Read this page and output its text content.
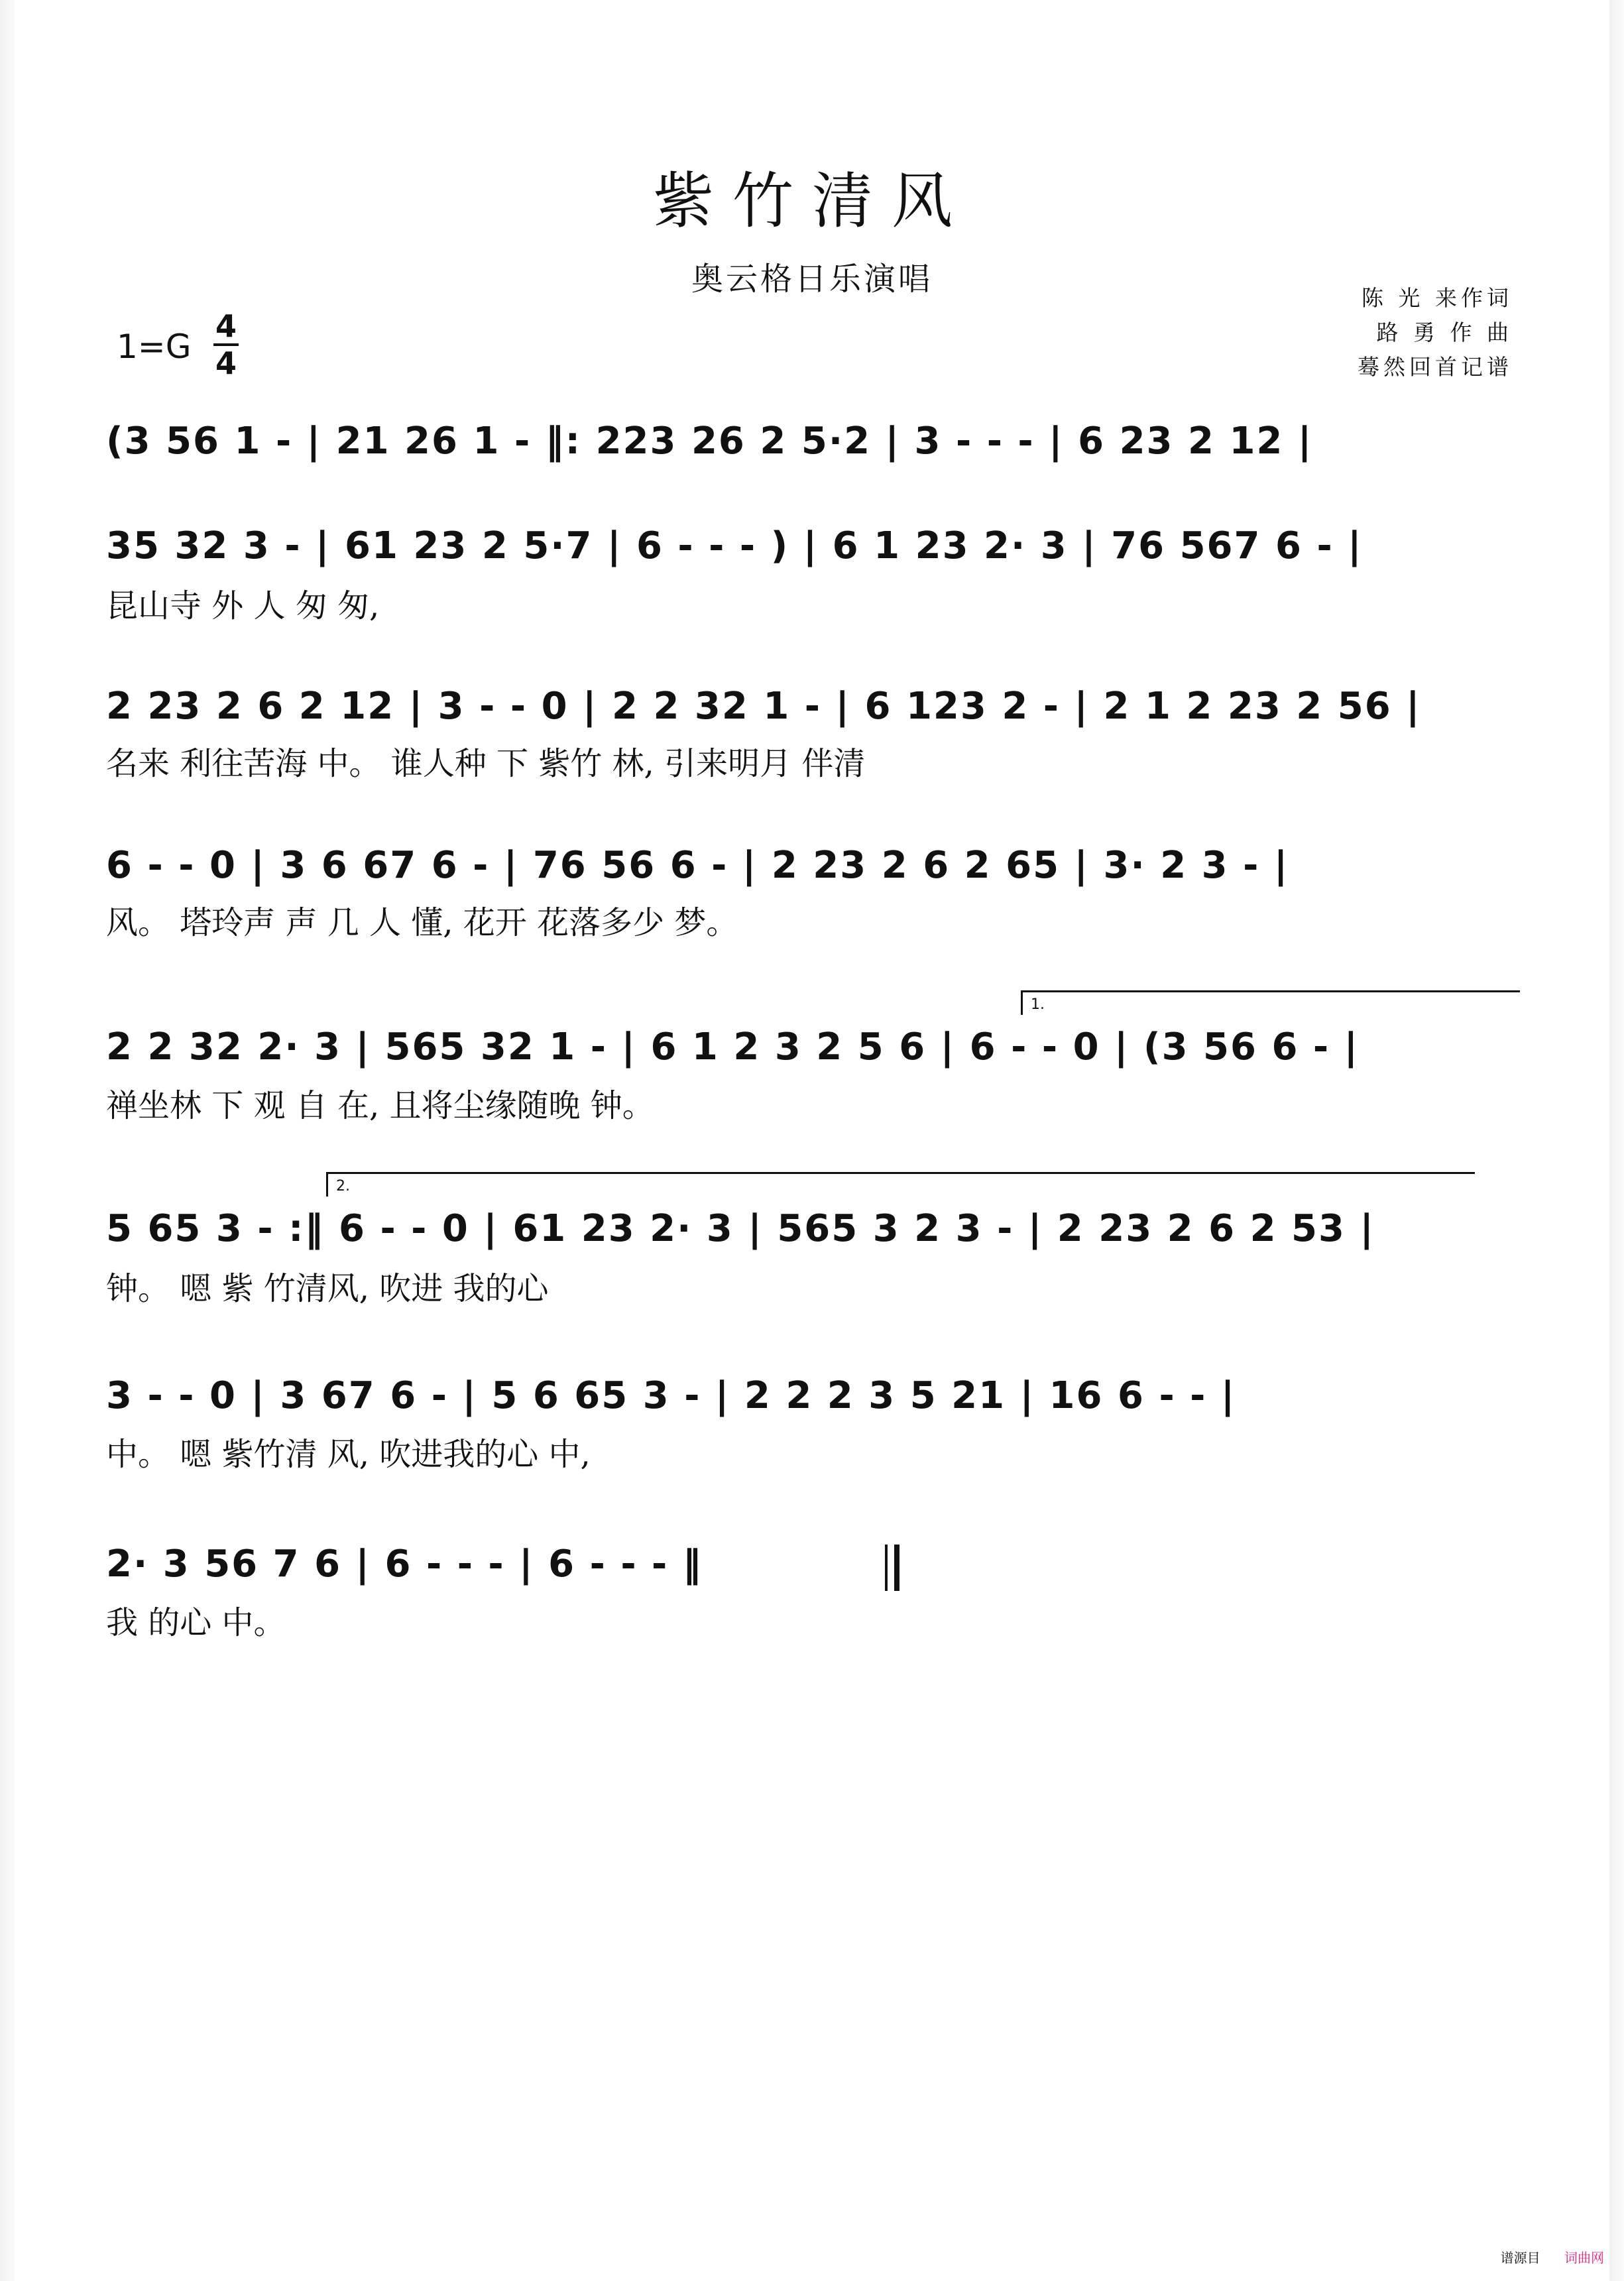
紫竹清风
奥云格日乐演唱
陈 光 来作词
路 勇 作 曲
蓦然回首记谱
1=G
4
4
(3 56 1 - | 21 26 1 - ‖: 223 26 2 5·2 | 3 - - - | 6 23 2 12 |
35 32 3 - | 61 23 2 5·7 | 6 - - - ) | 6 1 23 2· 3 | 76 567 6 - |
昆山寺 外 人 匆 匆,
2 23 2 6 2 12 | 3 - - 0 | 2 2 32 1 - | 6 123 2 - | 2 1 2 23 2 56 |
名来 利往苦海 中。 谁人种 下 紫竹 林, 引来明月 伴清
6 - - 0 | 3 6 67 6 - | 76 56 6 - | 2 23 2 6 2 65 | 3· 2 3 - |
风。 塔玲声 声 几 人 懂, 花开 花落多少 梦。
1.
2 2 32 2· 3 | 565 32 1 - | 6 1 2 3 2 5 6 | 6 - - 0 | (3 56 6 - |
禅坐林 下 观 自 在, 且将尘缘随晚 钟。
2.
5 65 3 - :‖ 6 - - 0 | 61 23 2· 3 | 565 3 2 3 - | 2 23 2 6 2 53 |
钟。 嗯 紫 竹清风, 吹进 我的心
3 - - 0 | 3 67 6 - | 5 6 65 3 - | 2 2 2 3 5 21 | 16 6 - - |
中。 嗯 紫竹清 风, 吹进我的心 中,
2· 3 56 7 6 | 6 - - - | 6 - - - ‖
我 的心 中。
谱源目 词曲网
